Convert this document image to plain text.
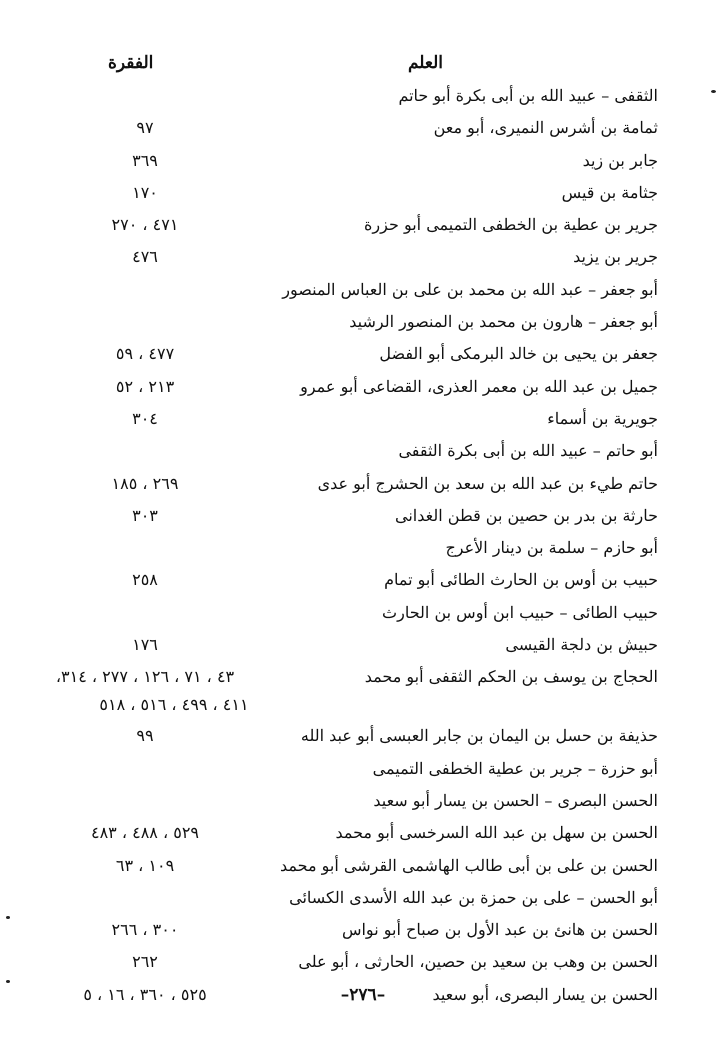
العلم
الفقرة
الثقفى – عبيد الله بن أبى بكرة أبو حاتم
ثمامة بن أشرس النميرى، أبو معن
٩٧
جابر بن زيد
٣٦٩
جثامة بن قيس
١٧٠
جرير بن عطية بن الخطفى التميمى أبو حزرة
٤٧١ ، ٢٧٠
جرير بن يزيد
٤٧٦
أبو جعفر – عبد الله بن محمد بن على بن العباس المنصور
أبو جعفر – هارون بن محمد بن المنصور الرشيد
جعفر بن يحيى بن خالد البرمكى أبو الفضل
٤٧٧ ، ٥٩
جميل بن عبد الله بن معمر العذرى، القضاعى أبو عمرو
٢١٣ ، ٥٢
جويرية بن أسماء
٣٠٤
أبو حاتم – عبيد الله بن أبى بكرة الثقفى
حاتم طيء بن عبد الله بن سعد بن الحشرج أبو عدى
٢٦٩ ، ١٨٥
حارثة بن بدر بن حصين بن قطن الغدانى
٣٠٣
أبو حازم – سلمة بن دينار الأعرج
حبيب بن أوس بن الحارث الطائى أبو تمام
٢٥٨
حبيب الطائى – حبيب ابن أوس بن الحارث
حبيش بن دلجة القيسى
١٧٦
الحجاج بن يوسف بن الحكم الثقفى أبو محمد
٤٣ ، ٧١ ، ١٢٦ ، ٢٧٧ ، ٣١٤،
٤١١ ، ٤٩٩ ، ٥١٦ ، ٥١٨
حذيفة بن حسل بن اليمان بن جابر العبسى أبو عبد الله
٩٩
أبو حزرة – جرير بن عطية الخطفى التميمى
الحسن البصرى – الحسن بن يسار أبو سعيد
الحسن بن سهل بن عبد الله السرخسى أبو محمد
٥٢٩ ، ٤٨٨ ، ٤٨٣
الحسن بن على بن أبى طالب الهاشمى القرشى أبو محمد
١٠٩ ، ٦٣
أبو الحسن – على بن حمزة بن عبد الله الأسدى الكسائى
الحسن بن هانئ بن عبد الأول بن صباح أبو نواس
٣٠٠ ، ٢٦٦
الحسن بن وهب بن سعيد بن حصين، الحارثى ، أبو على
٢٦٢
الحسن بن يسار البصرى، أبو سعيد
٥٢٥ ، ٣٦٠ ، ١٦ ، ٥	–٢٧٦–
